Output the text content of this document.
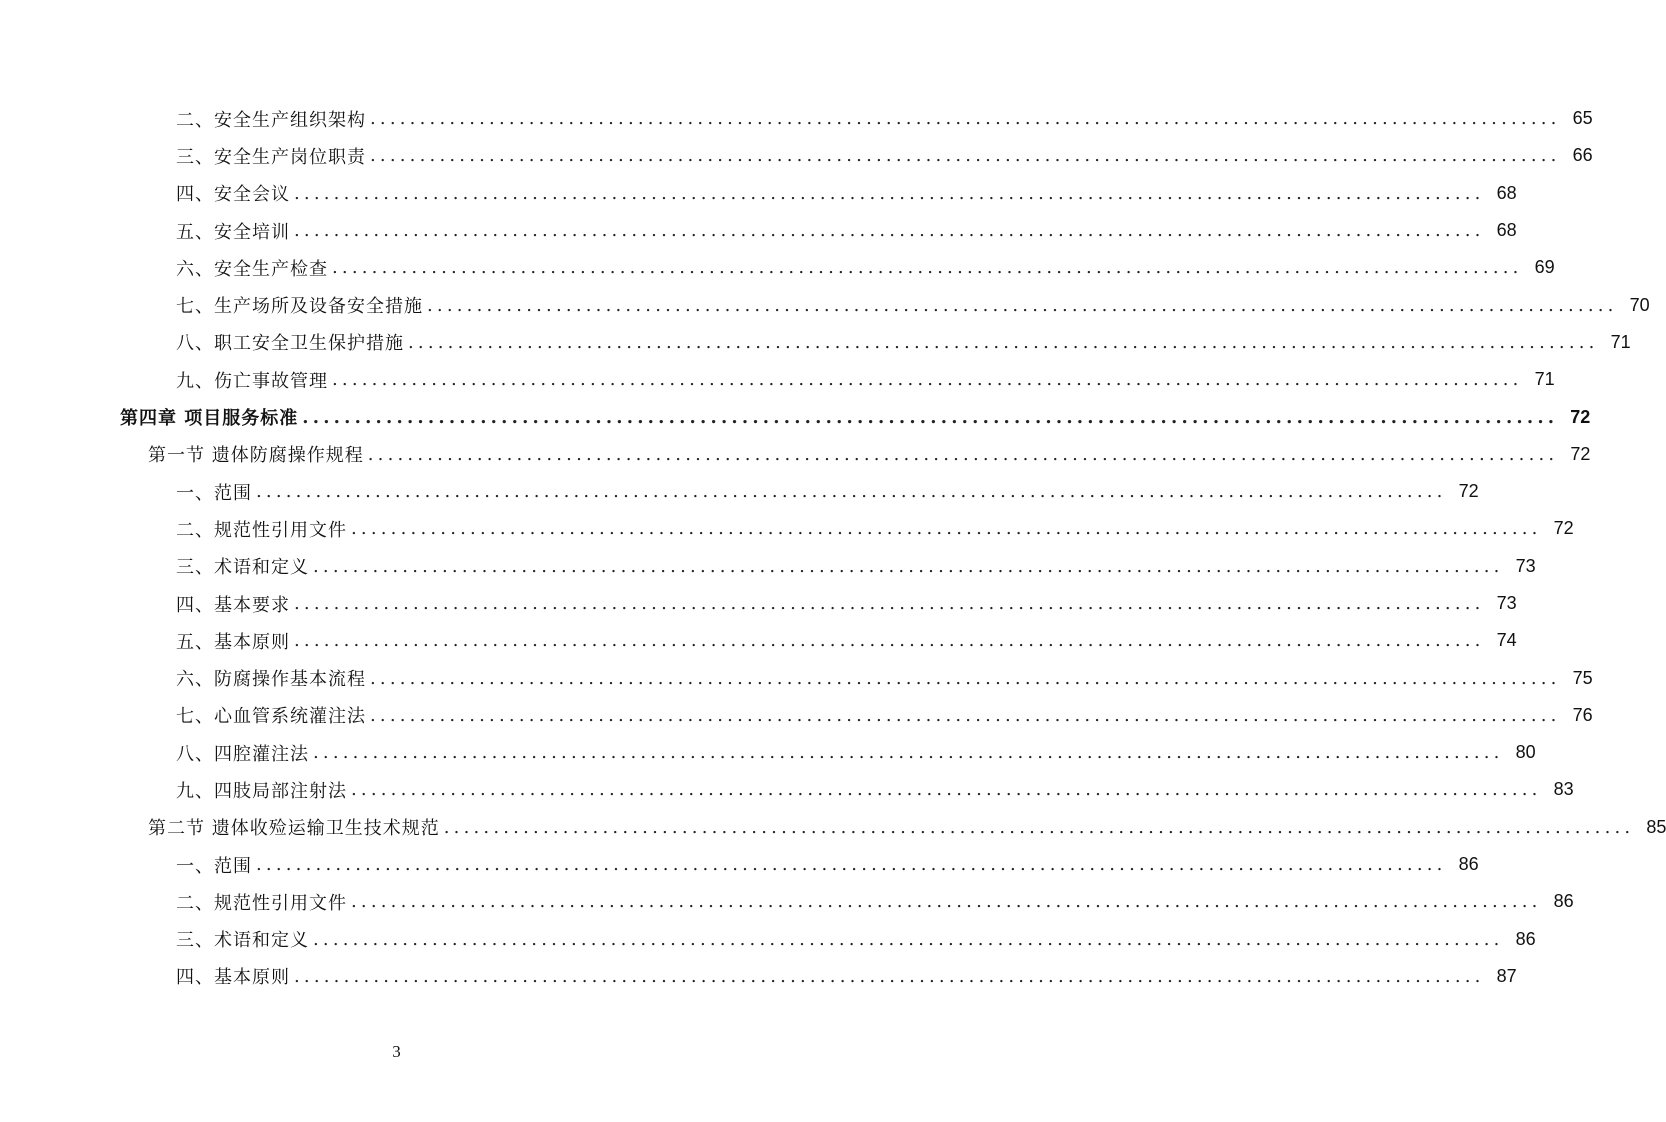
二、安全生产组织架构 ........................................................................................................................ 65
三、安全生产岗位职责 ........................................................................................................................ 66
四、安全会议 ........................................................................................................................ 68
五、安全培训 ........................................................................................................................ 68
六、安全生产检查 ........................................................................................................................ 69
七、生产场所及设备安全措施 ........................................................................................................................ 70
八、职工安全卫生保护措施 ........................................................................................................................ 71
九、伤亡事故管理 ........................................................................................................................ 71
第四章 项目服务标准 ........................................................................................................................ 72
第一节 遗体防腐操作规程 ........................................................................................................................ 72
一、范围 ........................................................................................................................ 72
二、规范性引用文件 ........................................................................................................................ 72
三、术语和定义 ........................................................................................................................ 73
四、基本要求 ........................................................................................................................ 73
五、基本原则 ........................................................................................................................ 74
六、防腐操作基本流程 ........................................................................................................................ 75
七、心血管系统灌注法 ........................................................................................................................ 76
八、四腔灌注法 ........................................................................................................................ 80
九、四肢局部注射法 ........................................................................................................................ 83
第二节 遗体收殓运输卫生技术规范 ........................................................................................................................ 85
一、范围 ........................................................................................................................ 86
二、规范性引用文件 ........................................................................................................................ 86
三、术语和定义 ........................................................................................................................ 86
四、基本原则 ........................................................................................................................ 87
3
